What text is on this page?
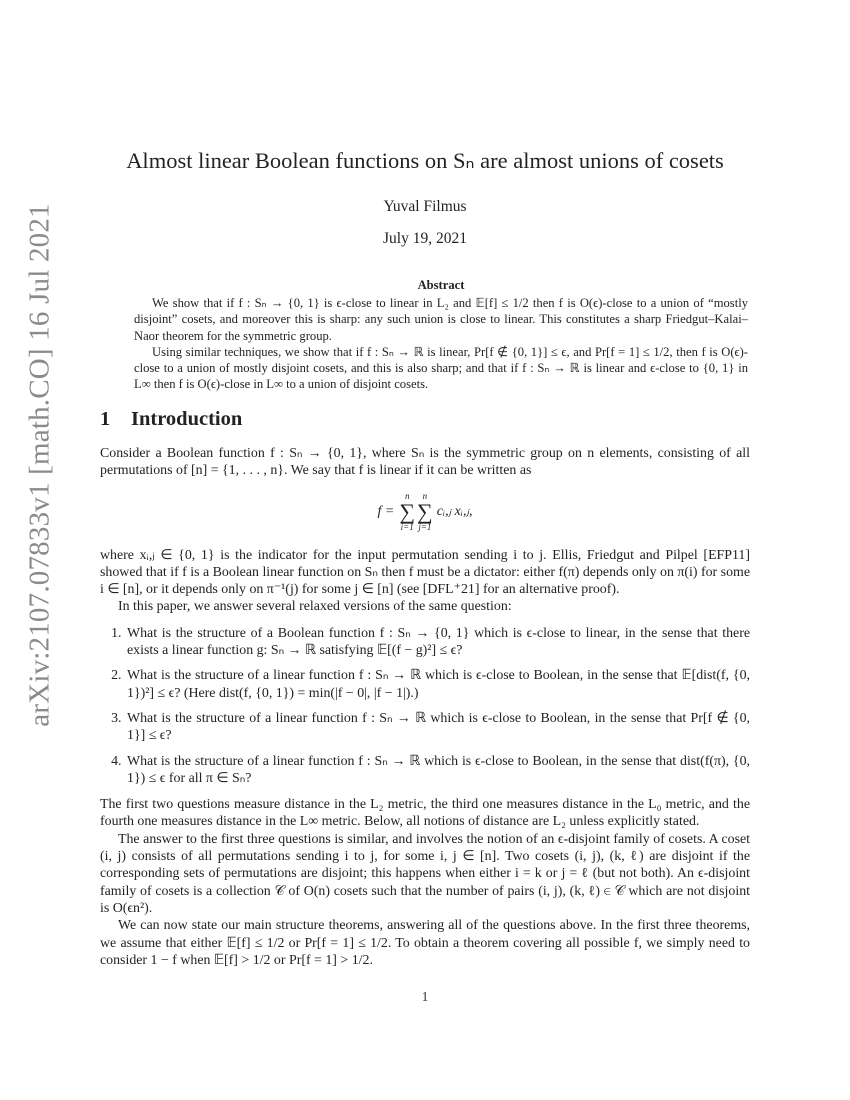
arXiv:2107.07833v1 [math.CO] 16 Jul 2021
Almost linear Boolean functions on Sₙ are almost unions of cosets
Yuval Filmus
July 19, 2021
Abstract

We show that if f : Sₙ → {0, 1} is ϵ-close to linear in L₂ and 𝔼[f] ≤ 1/2 then f is O(ϵ)-close to a union of “mostly disjoint” cosets, and moreover this is sharp: any such union is close to linear. This constitutes a sharp Friedgut–Kalai–Naor theorem for the symmetric group.

Using similar techniques, we show that if f : Sₙ → ℝ is linear, Pr[f ∉ {0, 1}] ≤ ϵ, and Pr[f = 1] ≤ 1/2, then f is O(ϵ)-close to a union of mostly disjoint cosets, and this is also sharp; and that if f : Sₙ → ℝ is linear and ϵ-close to {0, 1} in L∞ then f is O(ϵ)-close in L∞ to a union of disjoint cosets.

1 Introduction

Consider a Boolean function f : Sₙ → {0, 1}, where Sₙ is the symmetric group on n elements, consisting of all permutations of [n] = {1, . . . , n}. We say that f is linear if it can be written as

f =
n
∑
i=1
n
∑
j=1
cᵢ,ⱼ xᵢ,ⱼ,

where xᵢ,ⱼ ∈ {0, 1} is the indicator for the input permutation sending i to j. Ellis, Friedgut and Pilpel [EFP11] showed that if f is a Boolean linear function on Sₙ then f must be a dictator: either f(π) depends only on π(i) for some i ∈ [n], or it depends only on π⁻¹(j) for some j ∈ [n] (see [DFL⁺21] for an alternative proof).

In this paper, we answer several relaxed versions of the same question:

1. What is the structure of a Boolean function f : Sₙ → {0, 1} which is ϵ-close to linear, in the sense that there exists a linear function g: Sₙ → ℝ satisfying 𝔼[(f − g)²] ≤ ϵ?
2. What is the structure of a linear function f : Sₙ → ℝ which is ϵ-close to Boolean, in the sense that 𝔼[dist(f, {0, 1})²] ≤ ϵ? (Here dist(f, {0, 1}) = min(|f − 0|, |f − 1|).)
3. What is the structure of a linear function f : Sₙ → ℝ which is ϵ-close to Boolean, in the sense that Pr[f ∉ {0, 1}] ≤ ϵ?
4. What is the structure of a linear function f : Sₙ → ℝ which is ϵ-close to Boolean, in the sense that dist(f(π), {0, 1}) ≤ ϵ for all π ∈ Sₙ?

The first two questions measure distance in the L₂ metric, the third one measures distance in the L₀ metric, and the fourth one measures distance in the L∞ metric. Below, all notions of distance are L₂ unless explicitly stated.

The answer to the first three questions is similar, and involves the notion of an ϵ-disjoint family of cosets. A coset (i, j) consists of all permutations sending i to j, for some i, j ∈ [n]. Two cosets (i, j), (k, ℓ) are disjoint if the corresponding sets of permutations are disjoint; this happens when either i = k or j = ℓ (but not both). An ϵ-disjoint family of cosets is a collection 𝒞 of O(n) cosets such that the number of pairs (i, j), (k, ℓ) ∈ 𝒞 which are not disjoint is O(ϵn²).

We can now state our main structure theorems, answering all of the questions above. In the first three theorems, we assume that either 𝔼[f] ≤ 1/2 or Pr[f = 1] ≤ 1/2. To obtain a theorem covering all possible f, we simply need to consider 1 − f when 𝔼[f] > 1/2 or Pr[f = 1] > 1/2.

1
